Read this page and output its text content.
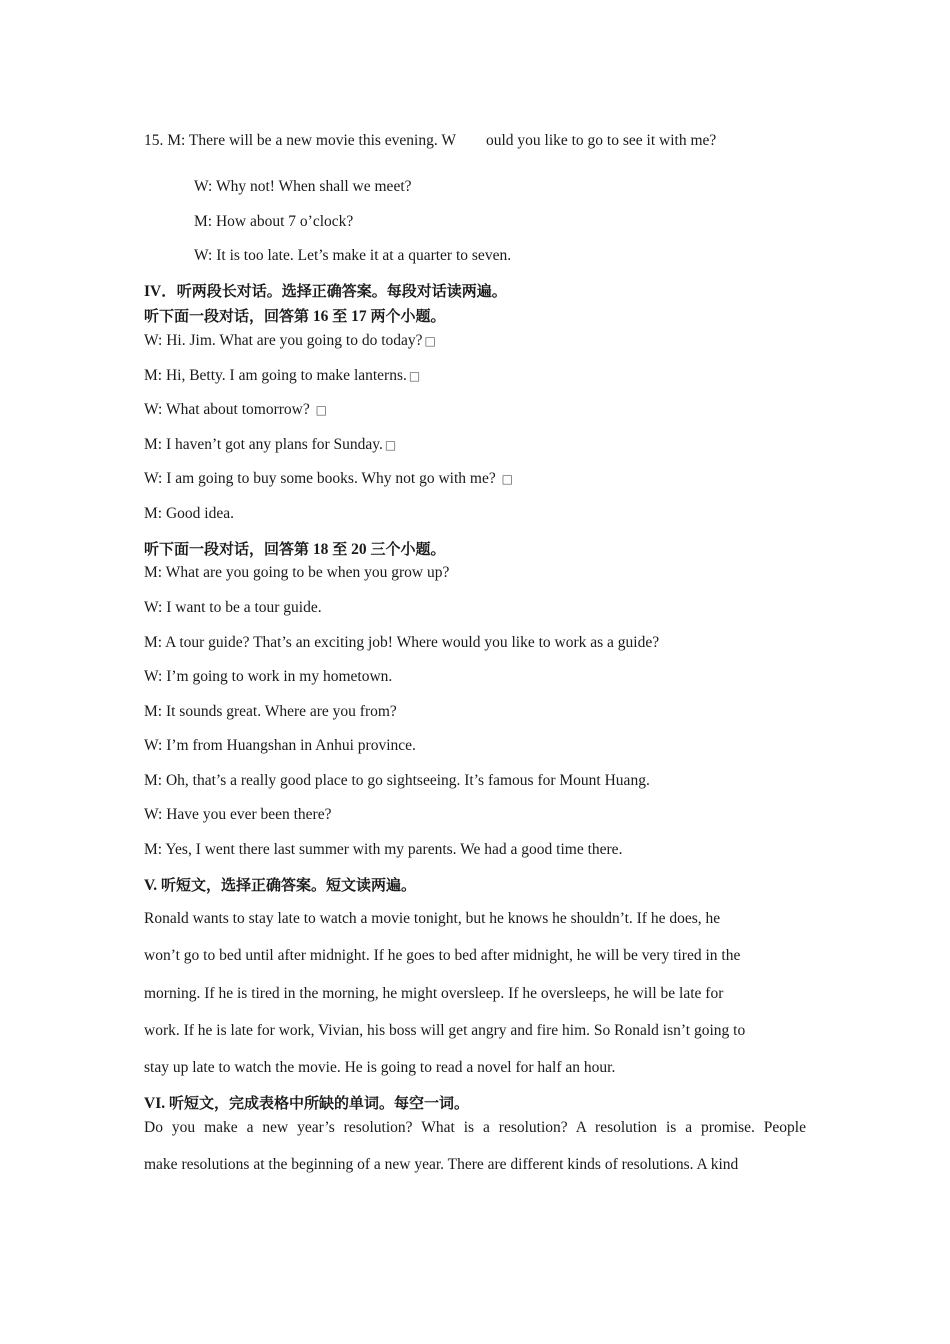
15. M: There will be a new movie this evening. W ould you like to go to see it with me?
W: Why not! When shall we meet?
M: How about 7 o’clock?
W: It is too late. Let’s make it at a quarter to seven.
IV．听两段长对话。选择正确答案。每段对话读两遍。
听下面一段对话，回答第 16 至 17 两个小题。
W: Hi. Jim. What are you going to do today? □
M: Hi, Betty. I am going to make lanterns. □
W: What about tomorrow? □
M: I haven’t got any plans for Sunday. □
W: I am going to buy some books. Why not go with me? □
M: Good idea.
听下面一段对话，回答第 18 至 20 三个小题。
M: What are you going to be when you grow up?
W: I want to be a tour guide.
M: A tour guide? That’s an exciting job! Where would you like to work as a guide?
W: I’m going to work in my hometown.
M: It sounds great. Where are you from?
W: I’m from Huangshan in Anhui province.
M: Oh, that’s a really good place to go sightseeing. It’s famous for Mount Huang.
W: Have you ever been there?
M: Yes, I went there last summer with my parents. We had a good time there.
V. 听短文，选择正确答案。短文读两遍。
Ronald wants to stay late to watch a movie tonight, but he knows he shouldn’t. If he does, he
won’t go to bed until after midnight. If he goes to bed after midnight, he will be very tired in the
morning. If he is tired in the morning, he might oversleep. If he oversleeps, he will be late for
work. If he is late for work, Vivian, his boss will get angry and fire him. So Ronald isn’t going to
stay up late to watch the movie. He is going to read a novel for half an hour.
VI. 听短文，完成表格中所缺的单词。每空一词。
Do you make a new year’s resolution? What is a resolution? A resolution is a promise. People
make resolutions at the beginning of a new year. There are different kinds of resolutions. A kind
